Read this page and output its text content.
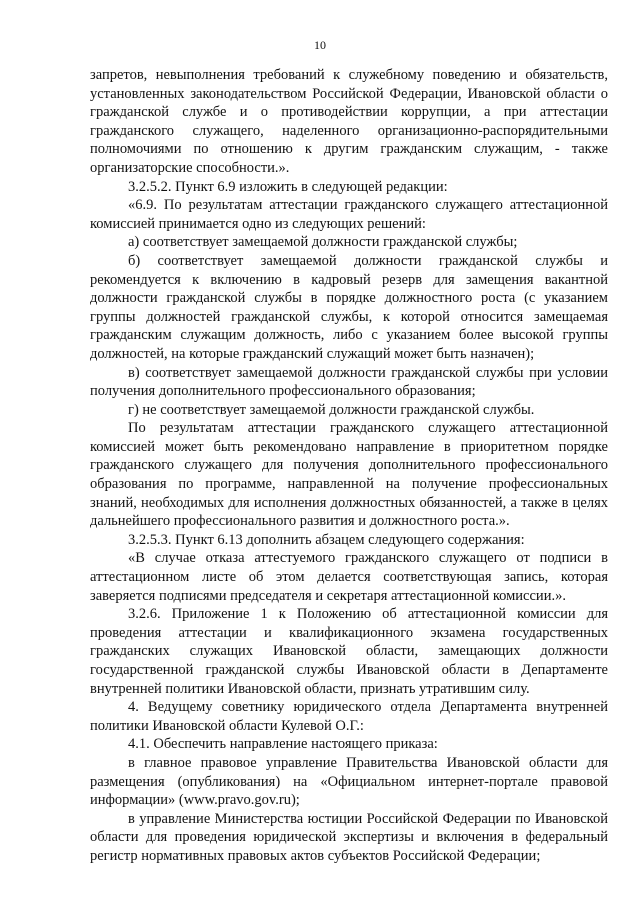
10

запретов, невыполнения требований к служебному поведению и обязательств, установленных законодательством Российской Федерации, Ивановской области о гражданской службе и о противодействии коррупции, а при аттестации гражданского служащего, наделенного организационно-распорядительными полномочиями по отношению к другим гражданским служащим, - также организаторские способности.».

3.2.5.2. Пункт 6.9 изложить в следующей редакции:

«6.9. По результатам аттестации гражданского служащего аттестационной комиссией принимается одно из следующих решений:

а) соответствует замещаемой должности гражданской службы;

б) соответствует замещаемой должности гражданской службы и рекомендуется к включению в кадровый резерв для замещения вакантной должности гражданской службы в порядке должностного роста (с указанием группы должностей гражданской службы, к которой относится замещаемая гражданским служащим должность, либо с указанием более высокой группы должностей, на которые гражданский служащий может быть назначен);

в) соответствует замещаемой должности гражданской службы при условии получения дополнительного профессионального образования;

г) не соответствует замещаемой должности гражданской службы.

По результатам аттестации гражданского служащего аттестационной комиссией может быть рекомендовано направление в приоритетном порядке гражданского служащего для получения дополнительного профессионального образования по программе, направленной на получение профессиональных знаний, необходимых для исполнения должностных обязанностей, а также в целях дальнейшего профессионального развития и должностного роста.».

3.2.5.3. Пункт 6.13 дополнить абзацем следующего содержания:

«В случае отказа аттестуемого гражданского служащего от подписи в аттестационном листе об этом делается соответствующая запись, которая заверяется подписями председателя и секретаря аттестационной комиссии.».

3.2.6. Приложение 1 к Положению об аттестационной комиссии для проведения аттестации и квалификационного экзамена государственных гражданских служащих Ивановской области, замещающих должности государственной гражданской службы Ивановской области в Департаменте внутренней политики Ивановской области, признать утратившим силу.

4. Ведущему советнику юридического отдела Департамента внутренней политики Ивановской области Кулевой О.Г.:

4.1. Обеспечить направление настоящего приказа:

в главное правовое управление Правительства Ивановской области для размещения (опубликования) на «Официальном интернет-портале правовой информации» (www.pravo.gov.ru);

в управление Министерства юстиции Российской Федерации по Ивановской области для проведения юридической экспертизы и включения в федеральный регистр нормативных правовых актов субъектов Российской Федерации;
